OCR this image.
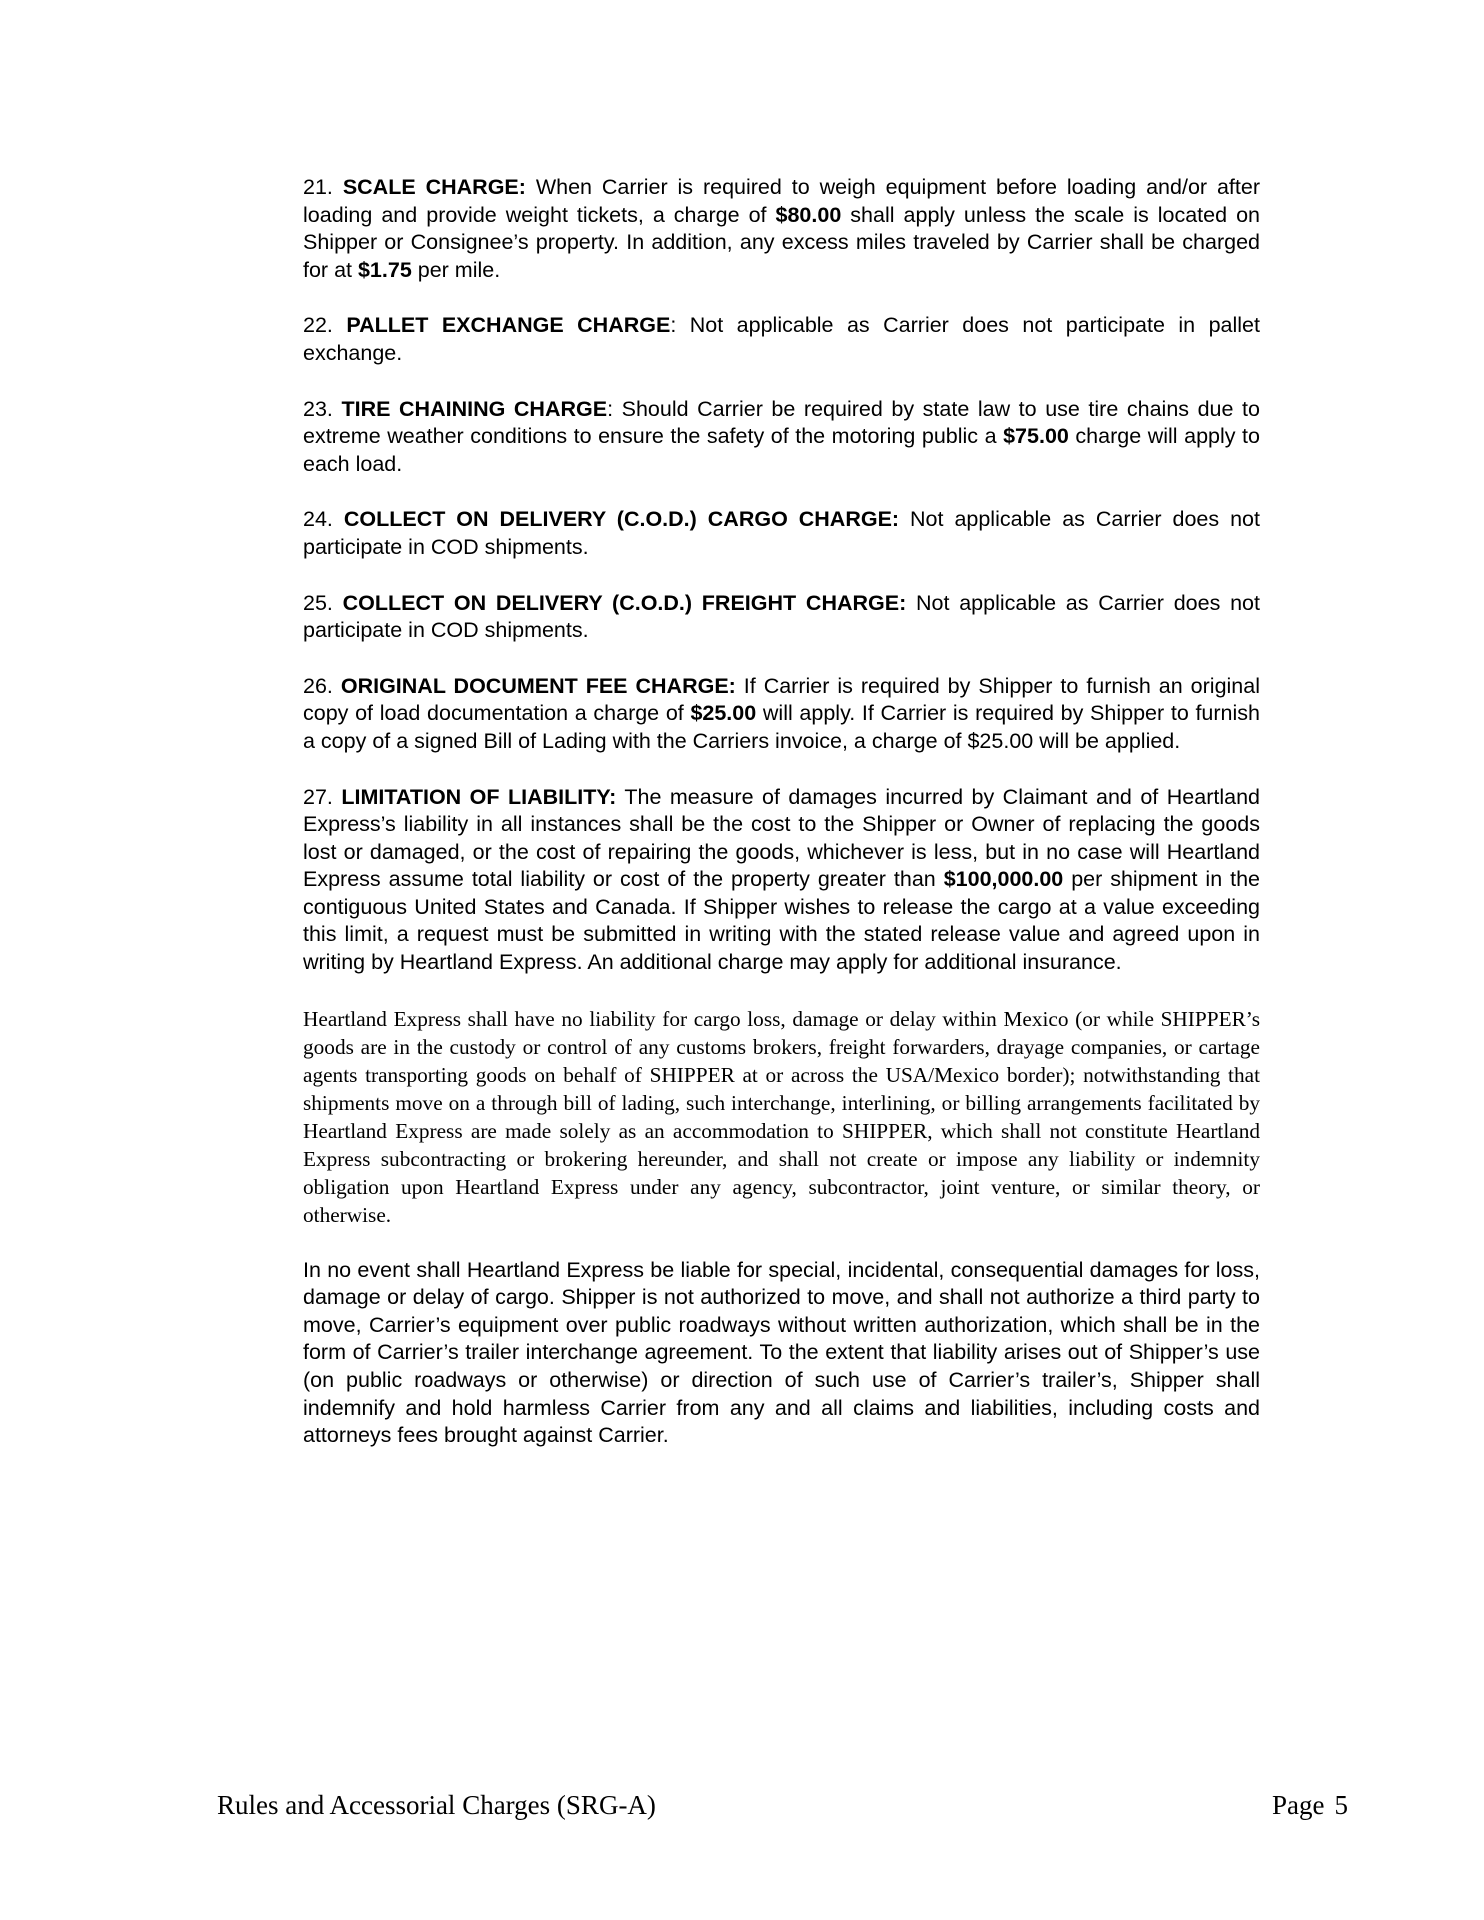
21. SCALE CHARGE: When Carrier is required to weigh equipment before loading and/or after loading and provide weight tickets, a charge of $80.00 shall apply unless the scale is located on Shipper or Consignee’s property. In addition, any excess miles traveled by Carrier shall be charged for at $1.75 per mile.

22. PALLET EXCHANGE CHARGE: Not applicable as Carrier does not participate in pallet exchange.

23. TIRE CHAINING CHARGE: Should Carrier be required by state law to use tire chains due to extreme weather conditions to ensure the safety of the motoring public a $75.00 charge will apply to each load.

24. COLLECT ON DELIVERY (C.O.D.) CARGO CHARGE: Not applicable as Carrier does not participate in COD shipments.

25. COLLECT ON DELIVERY (C.O.D.) FREIGHT CHARGE: Not applicable as Carrier does not participate in COD shipments.

26. ORIGINAL DOCUMENT FEE CHARGE: If Carrier is required by Shipper to furnish an original copy of load documentation a charge of $25.00 will apply. If Carrier is required by Shipper to furnish a copy of a signed Bill of Lading with the Carriers invoice, a charge of $25.00 will be applied.

27. LIMITATION OF LIABILITY: The measure of damages incurred by Claimant and of Heartland Express’s liability in all instances shall be the cost to the Shipper or Owner of replacing the goods lost or damaged, or the cost of repairing the goods, whichever is less, but in no case will Heartland Express assume total liability or cost of the property greater than $100,000.00 per shipment in the contiguous United States and Canada. If Shipper wishes to release the cargo at a value exceeding this limit, a request must be submitted in writing with the stated release value and agreed upon in writing by Heartland Express. An additional charge may apply for additional insurance.

Heartland Express shall have no liability for cargo loss, damage or delay within Mexico (or while SHIPPER’s goods are in the custody or control of any customs brokers, freight forwarders, drayage companies, or cartage agents transporting goods on behalf of SHIPPER at or across the USA/Mexico border); notwithstanding that shipments move on a through bill of lading, such interchange, interlining, or billing arrangements facilitated by Heartland Express are made solely as an accommodation to SHIPPER, which shall not constitute Heartland Express subcontracting or brokering hereunder, and shall not create or impose any liability or indemnity obligation upon Heartland Express under any agency, subcontractor, joint venture, or similar theory, or otherwise.

In no event shall Heartland Express be liable for special, incidental, consequential damages for loss, damage or delay of cargo. Shipper is not authorized to move, and shall not authorize a third party to move, Carrier’s equipment over public roadways without written authorization, which shall be in the form of Carrier’s trailer interchange agreement. To the extent that liability arises out of Shipper’s use (on public roadways or otherwise) or direction of such use of Carrier’s trailer’s, Shipper shall indemnify and hold harmless Carrier from any and all claims and liabilities, including costs and attorneys fees brought against Carrier.

Rules and Accessorial Charges (SRG-A)	Page 5
